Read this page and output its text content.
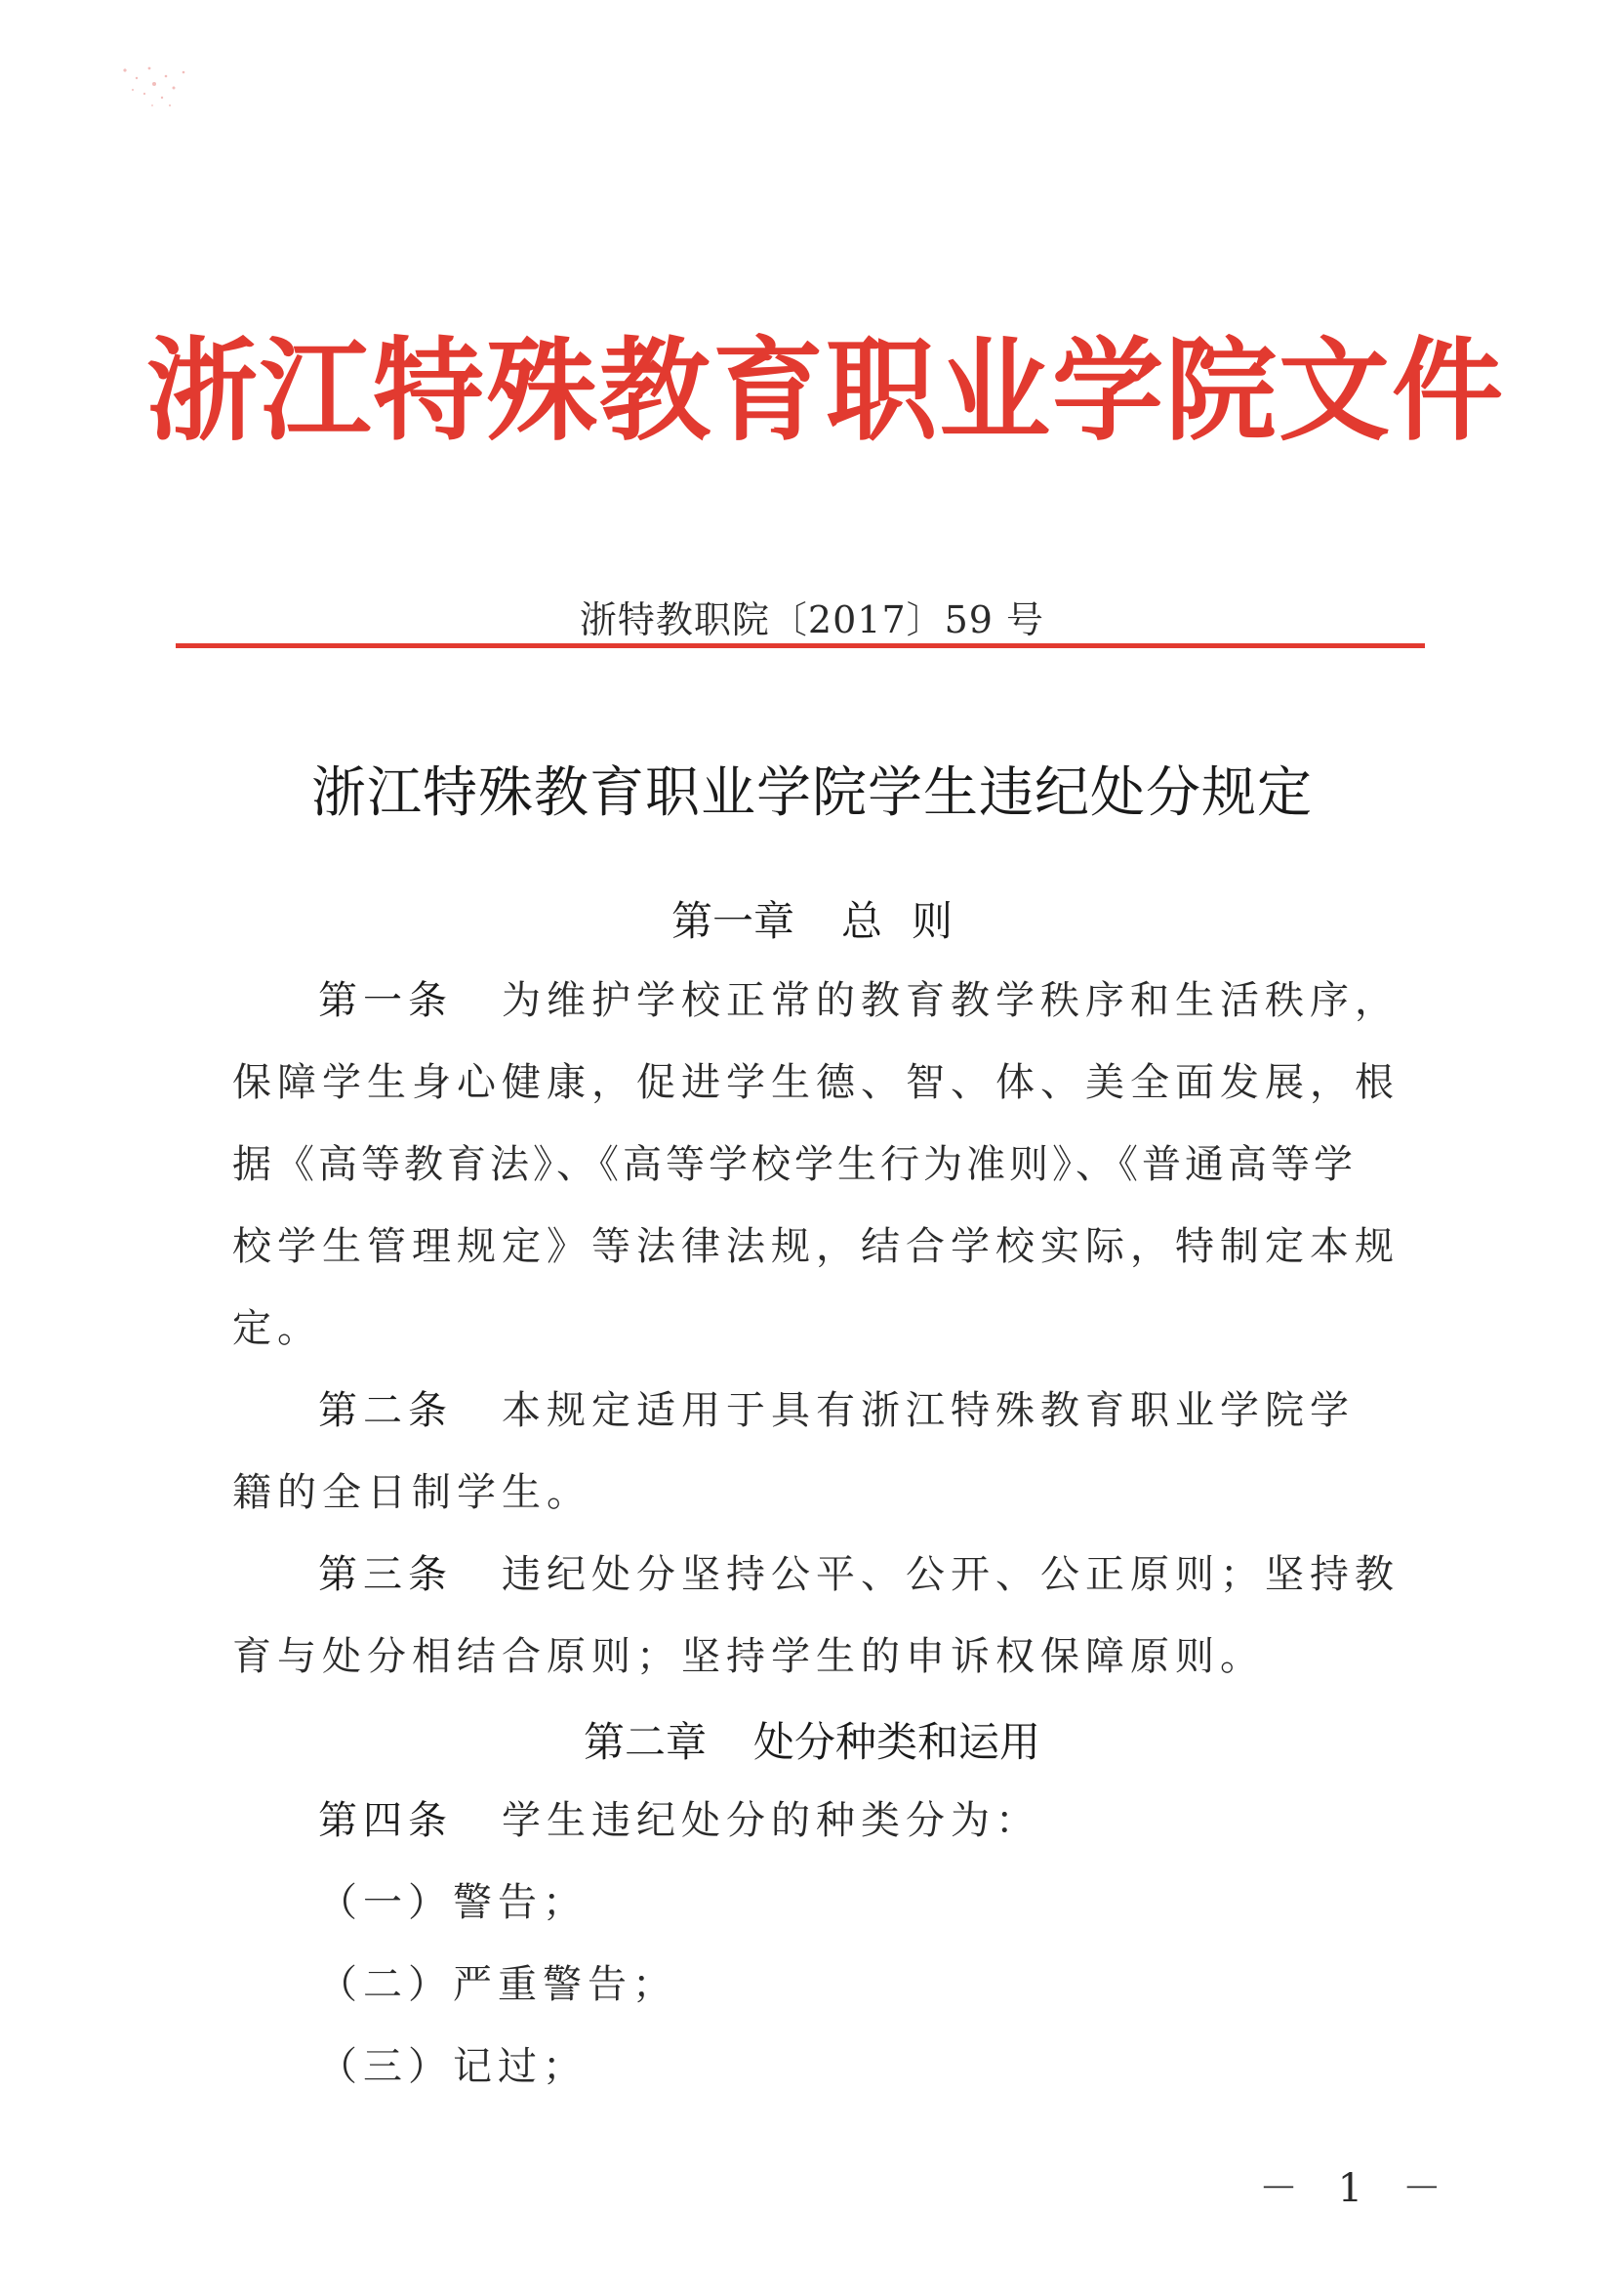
浙江特殊教育职业学院文件
浙特教职院〔2017〕59 号
浙江特殊教育职业学院学生违纪处分规定
第一章 总 则
第一条 为维护学校正常的教育教学秩序和生活秩序，
保障学生身心健康，促进学生德、智、体、美全面发展，根
据《高等教育法》、《高等学校学生行为准则》、《普通高等学
校学生管理规定》等法律法规，结合学校实际，特制定本规
定。
第二条 本规定适用于具有浙江特殊教育职业学院学
籍的全日制学生。
第三条 违纪处分坚持公平、公开、公正原则；坚持教
育与处分相结合原则；坚持学生的申诉权保障原则。
第二章 处分种类和运用
第四条 学生违纪处分的种类分为：
（一）警告；
（二）严重警告；
（三）记过；
－ 1 －
